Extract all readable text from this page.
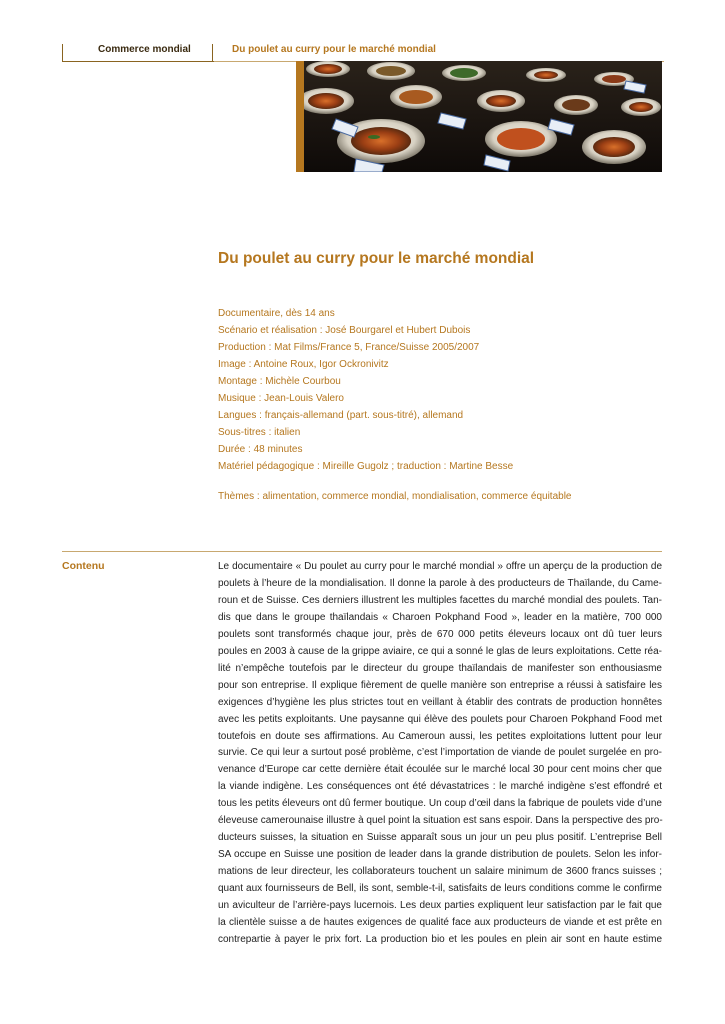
Commerce mondial	Du poulet au curry pour le marché mondial
Du poulet au curry pour le marché mondial
Documentaire, dès 14 ans
Scénario et réalisation : José Bourgarel et Hubert Dubois
Production : Mat Films/France 5, France/Suisse 2005/2007
Image : Antoine Roux, Igor Ockronivitz
Montage : Michèle Courbou
Musique : Jean-Louis Valero
Langues : français-allemand (part. sous-titré), allemand
Sous-titres : italien
Durée : 48 minutes
Matériel pédagogique : Mireille Gugolz ; traduction : Martine Besse
Thèmes : alimentation, commerce mondial, mondialisation, commerce équitable
Contenu	Le documentaire « Du poulet au curry pour le marché mondial » offre un aperçu de la production de
poulets à l’heure de la mondialisation. Il donne la parole à des producteurs de Thaïlande, du Came-
roun et de Suisse. Ces derniers illustrent les multiples facettes du marché mondial des poulets. Tan-
dis que dans le groupe thaïlandais « Charoen Pokphand Food », leader en la matière, 700 000
poulets sont transformés chaque jour, près de 670 000 petits éleveurs locaux ont dû tuer leurs
poules en 2003 à cause de la grippe aviaire, ce qui a sonné le glas de leurs exploitations. Cette réa-
lité n’empêche toutefois par le directeur du groupe thaïlandais de manifester son enthousiasme
pour son entreprise. Il explique fièrement de quelle manière son entreprise a réussi à satisfaire les
exigences d’hygiène les plus strictes tout en veillant à établir des contrats de production honnêtes
avec les petits exploitants. Une paysanne qui élève des poulets pour Charoen Pokphand Food met
toutefois en doute ses affirmations. Au Cameroun aussi, les petites exploitations luttent pour leur
survie. Ce qui leur a surtout posé problème, c’est l’importation de viande de poulet surgelée en pro-
venance d’Europe car cette dernière était écoulée sur le marché local 30 pour cent moins cher que
la viande indigène. Les conséquences ont été dévastatrices : le marché indigène s’est effondré et
tous les petits éleveurs ont dû fermer boutique. Un coup d’œil dans la fabrique de poulets vide d’une
éleveuse camerounaise illustre à quel point la situation est sans espoir. Dans la perspective des pro-
ducteurs suisses, la situation en Suisse apparaît sous un jour un peu plus positif. L’entreprise Bell
SA occupe en Suisse une position de leader dans la grande distribution de poulets. Selon les infor-
mations de leur directeur, les collaborateurs touchent un salaire minimum de 3600 francs suisses ;
quant aux fournisseurs de Bell, ils sont, semble-t-il, satisfaits de leurs conditions comme le confirme
un aviculteur de l’arrière-pays lucernois. Les deux parties expliquent leur satisfaction par le fait que
la clientèle suisse a de hautes exigences de qualité face aux producteurs de viande et est prête en
contrepartie à payer le prix fort. La production bio et les poules en plein air sont en haute estime
